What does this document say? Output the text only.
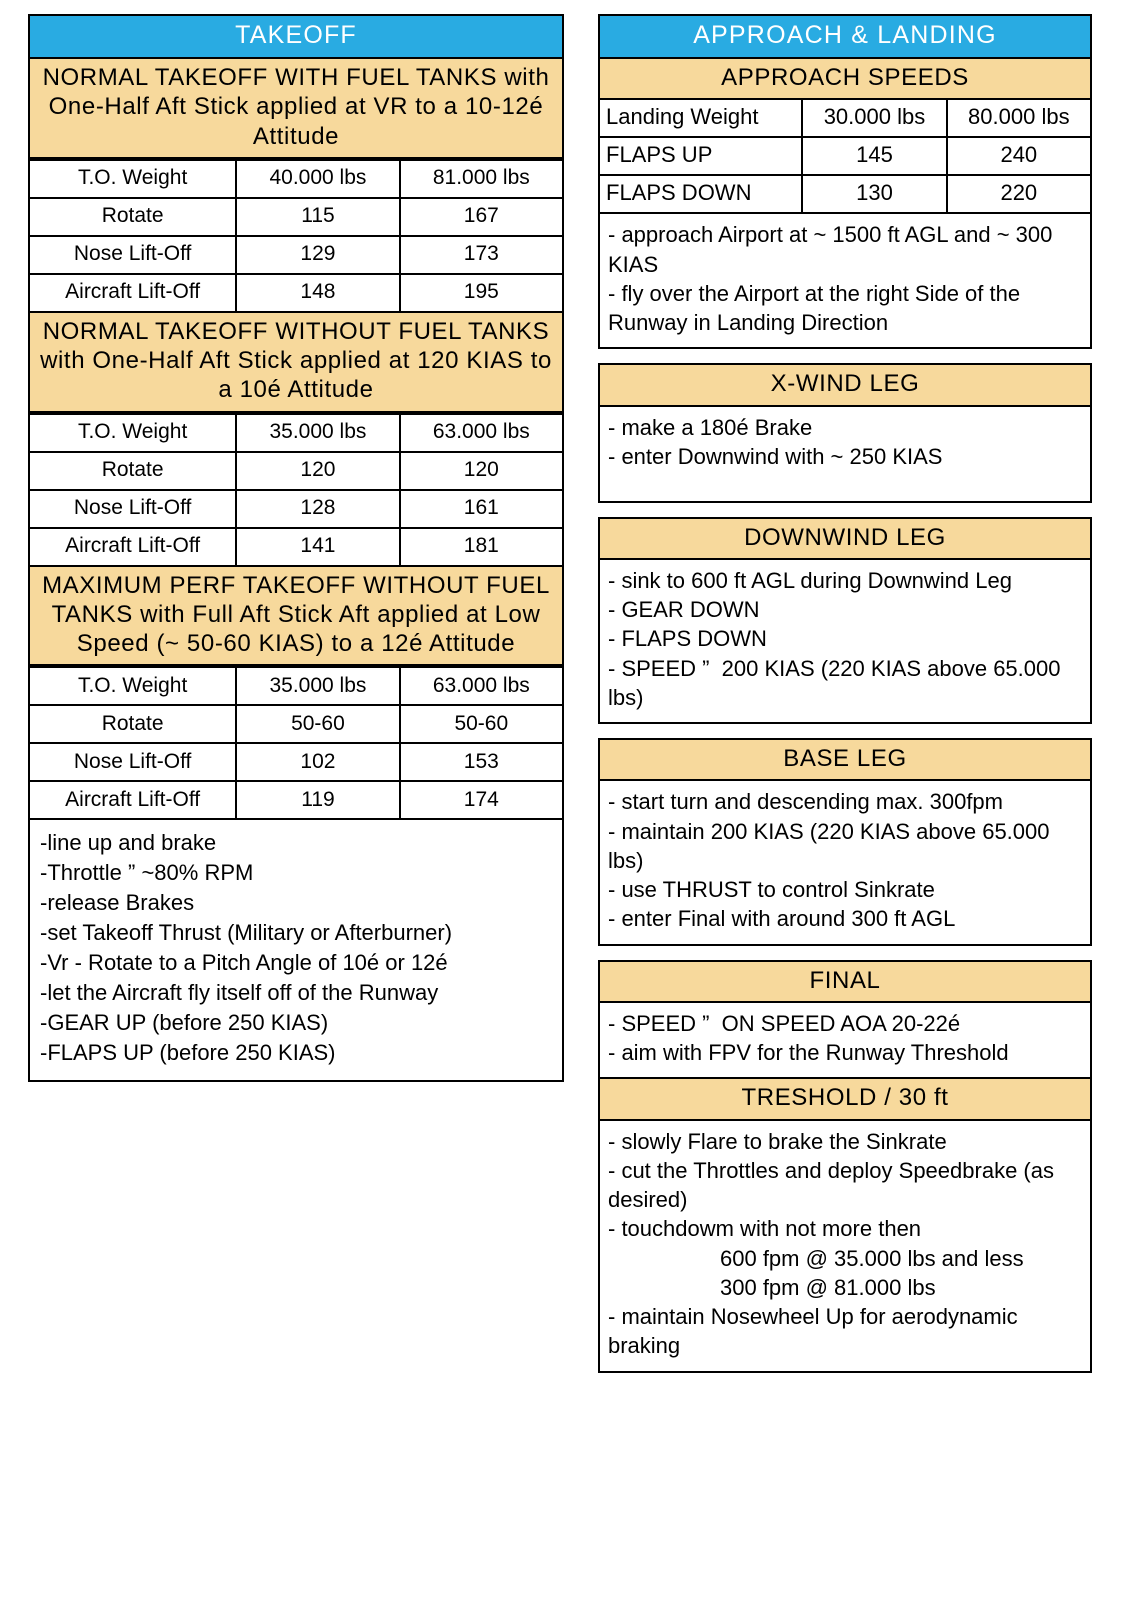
TAKEOFF
NORMAL TAKEOFF WITH FUEL TANKS with One-Half Aft Stick applied at VR to a 10-12é Attitude
T.O. Weight	40.000 lbs	81.000 lbs
Rotate	115	167
Nose Lift-Off	129	173
Aircraft Lift-Off	148	195
NORMAL TAKEOFF WITHOUT FUEL TANKS with One-Half Aft Stick applied at 120 KIAS to a 10é Attitude
T.O. Weight	35.000 lbs	63.000 lbs
Rotate	120	120
Nose Lift-Off	128	161
Aircraft Lift-Off	141	181
MAXIMUM PERF TAKEOFF WITHOUT FUEL TANKS with Full Aft Stick Aft applied at Low Speed (~ 50-60 KIAS) to a 12é Attitude
T.O. Weight	35.000 lbs	63.000 lbs
Rotate	50-60	50-60
Nose Lift-Off	102	153
Aircraft Lift-Off	119	174
-line up and brake
-Throttle ” ~80% RPM
-release Brakes
-set Takeoff Thrust (Military or Afterburner)
-Vr - Rotate to a Pitch Angle of 10é or 12é
-let the Aircraft fly itself off of the Runway
-GEAR UP (before 250 KIAS)
-FLAPS UP (before 250 KIAS)
APPROACH & LANDING
APPROACH SPEEDS
Landing Weight	30.000 lbs	80.000 lbs
FLAPS UP	145	240
FLAPS DOWN	130	220
- approach Airport at ~ 1500 ft AGL and ~ 300 KIAS
- fly over the Airport at the right Side of the Runway in Landing Direction
X-WIND LEG
- make a 180é Brake
- enter Downwind with ~ 250 KIAS
DOWNWIND LEG
- sink to 600 ft AGL during Downwind Leg
- GEAR DOWN
- FLAPS DOWN
- SPEED ”  200 KIAS (220 KIAS above 65.000 lbs)
BASE LEG
- start turn and descending max. 300fpm
- maintain 200 KIAS (220 KIAS above 65.000 lbs)
- use THRUST to control Sinkrate
- enter Final with around 300 ft AGL
FINAL
- SPEED ”  ON SPEED AOA 20-22é
- aim with FPV for the Runway Threshold
TRESHOLD / 30 ft
- slowly Flare to brake the Sinkrate
- cut the Throttles and deploy Speedbrake (as desired)
- touchdowm with not more then
600 fpm @ 35.000 lbs and less
300 fpm @ 81.000 lbs
- maintain Nosewheel Up for aerodynamic braking
